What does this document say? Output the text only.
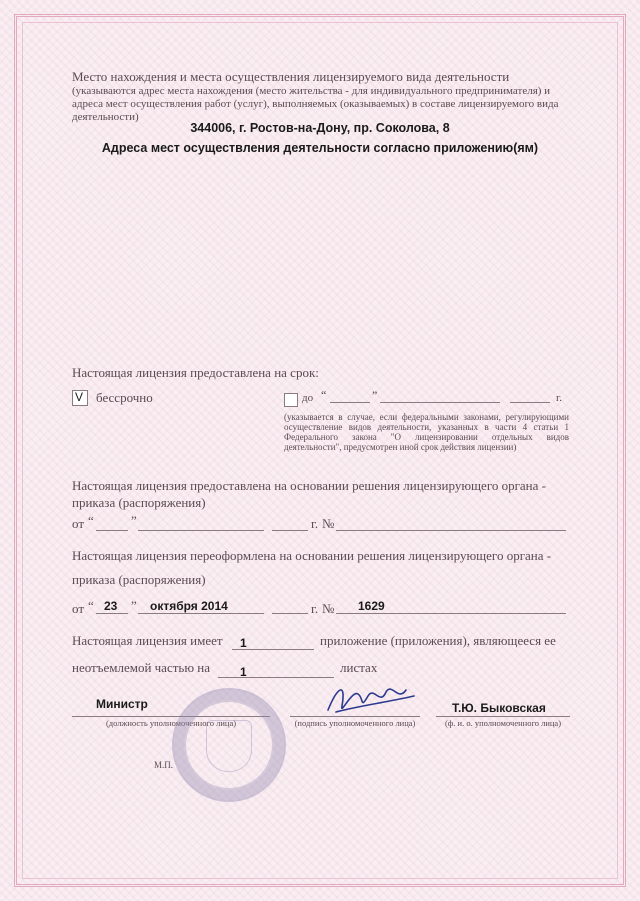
Место нахождения и места осуществления лицензируемого вида деятельности (указываются адрес места нахождения (место жительства - для индивидуального предпринимателя) и адреса мест осуществления работ (услуг), выполняемых (оказываемых) в составе лицензируемого вида деятельности)
344006, г. Ростов-на-Дону, пр. Соколова, 8
Адреса мест осуществления деятельности согласно приложению(ям)
Настоящая лицензия предоставлена на срок:
V бессрочно	до “	”	г.
(указывается в случае, если федеральными законами, регулирующими осуществление видов деятельности, указанных в части 4 статьи 1 Федерального закона "О лицензировании отдельных видов деятельности", предусмотрен иной срок действия лицензии)
Настоящая лицензия предоставлена на основании решения лицензирующего органа -
приказа (распоряжения)
от “	”	г. №
Настоящая лицензия переоформлена на основании решения лицензирующего органа -
приказа (распоряжения)
от “ 23 ” октября 2014	г. № 1629
Настоящая лицензия имеет 1	приложение (приложения), являющееся ее
неотъемлемой частью на 1	листах
Министр
(должность уполномоченного лица)	(подпись уполномоченного лица)
Т.Ю. Быковская
(ф. и. о. уполномоченного лица)
М.П.
